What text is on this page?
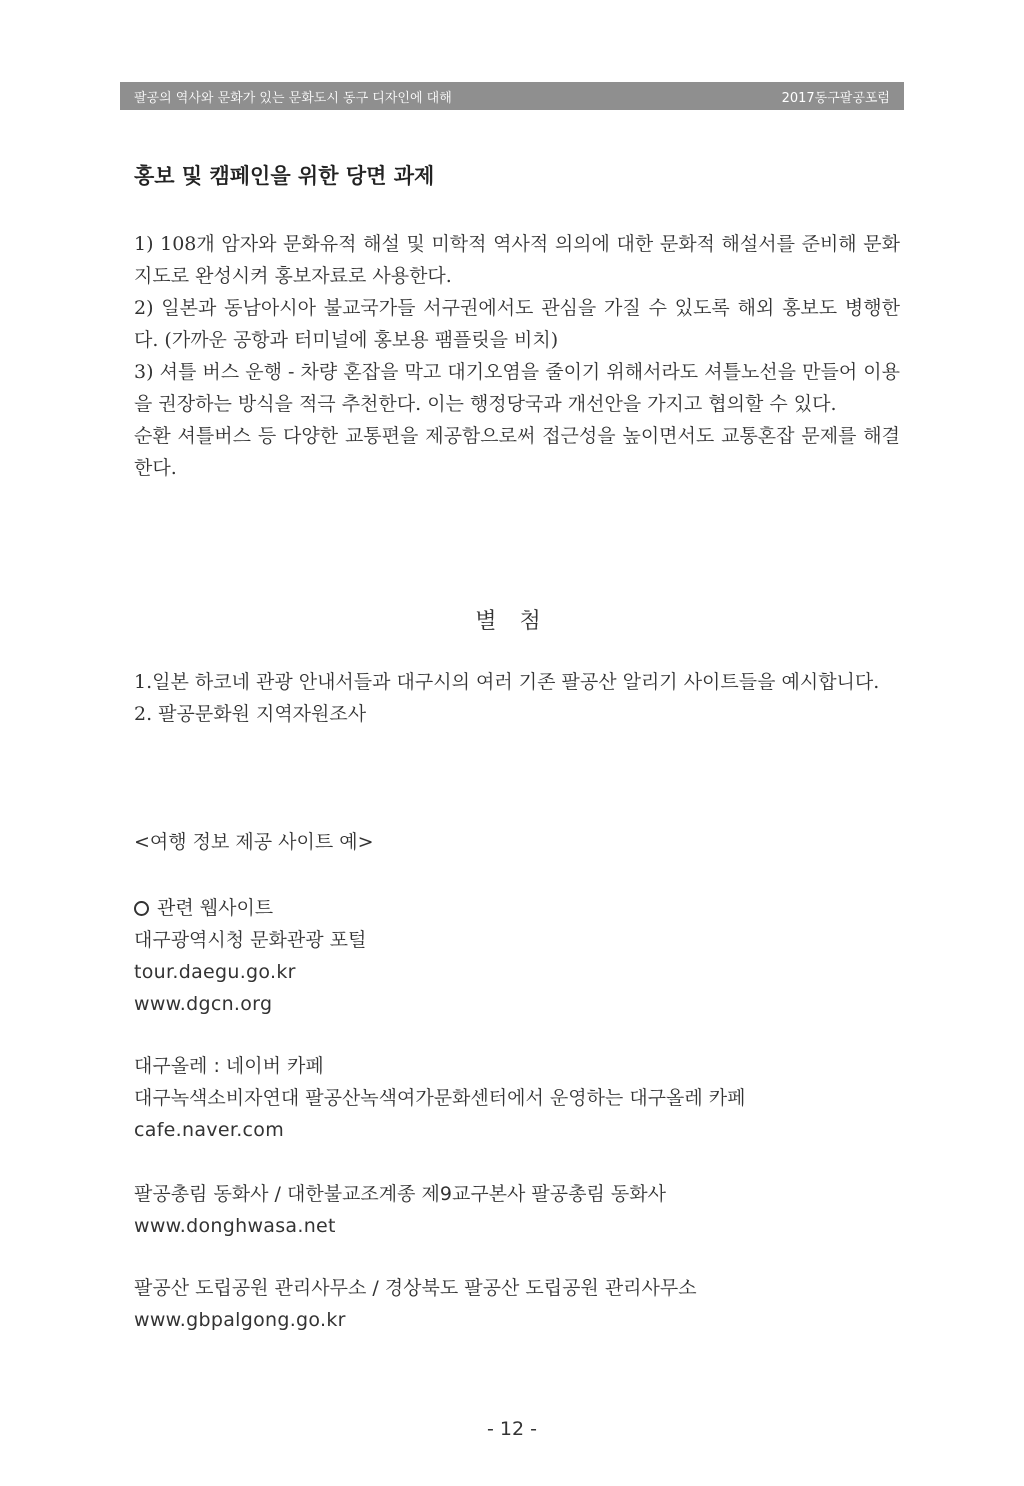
팔공의 역사와 문화가 있는 문화도시 동구 디자인에 대해	2017동구팔공포럼
홍보 및 캠페인을 위한 당면 과제

1) 108개 암자와 문화유적 해설 및 미학적 역사적 의의에 대한 문화적 해설서를 준비해 문화지도로 완성시켜 홍보자료로 사용한다.

2) 일본과 동남아시아 불교국가들 서구권에서도 관심을 가질 수 있도록 해외 홍보도 병행한다. (가까운 공항과 터미널에 홍보용 팸플릿을 비치)

3) 셔틀 버스 운행 - 차량 혼잡을 막고 대기오염을 줄이기 위해서라도 셔틀노선을 만들어 이용을 권장하는 방식을 적극 추천한다. 이는 행정당국과 개선안을 가지고 협의할 수 있다.

순환 셔틀버스 등 다양한 교통편을 제공함으로써 접근성을 높이면서도 교통혼잡 문제를 해결한다.

별 첨

1.일본 하코네 관광 안내서들과 대구시의 여러 기존 팔공산 알리기 사이트들을 예시합니다.

2. 팔공문화원 지역자원조사

<여행 정보 제공 사이트 예>
관련 웹사이트
대구광역시청 문화관광 포털
tour.daegu.go.kr
www.dgcn.org
대구올레 : 네이버 카페
대구녹색소비자연대 팔공산녹색여가문화센터에서 운영하는 대구올레 카페
cafe.naver.com
팔공총림 동화사 / 대한불교조계종 제9교구본사 팔공총림 동화사
www.donghwasa.net
팔공산 도립공원 관리사무소 / 경상북도 팔공산 도립공원 관리사무소
www.gbpalgong.go.kr
- 12 -
